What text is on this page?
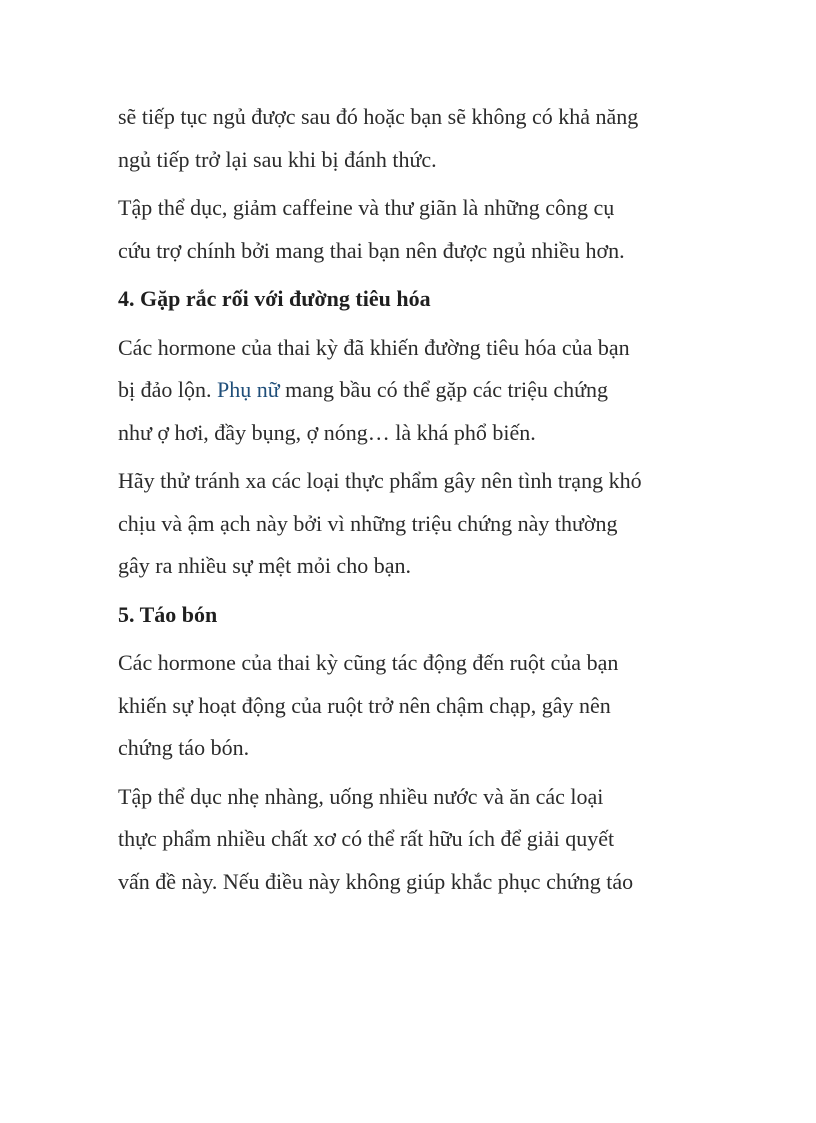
sẽ tiếp tục ngủ được sau đó hoặc bạn sẽ không có khả năng
ngủ tiếp trở lại sau khi bị đánh thức.
Tập thể dục, giảm caffeine và thư giãn là những công cụ
cứu trợ chính bởi mang thai bạn nên được ngủ nhiều hơn.
4. Gặp rắc rối với đường tiêu hóa
Các hormone của thai kỳ đã khiến đường tiêu hóa của bạn
bị đảo lộn. Phụ nữ mang bầu có thể gặp các triệu chứng
như ợ hơi, đầy bụng, ợ nóng… là khá phổ biến.
Hãy thử tránh xa các loại thực phẩm gây nên tình trạng khó
chịu và ậm ạch này bởi vì những triệu chứng này thường
gây ra nhiều sự mệt mỏi cho bạn.
5. Táo bón
Các hormone của thai kỳ cũng tác động đến ruột của bạn
khiến sự hoạt động của ruột trở nên chậm chạp, gây nên
chứng táo bón.
Tập thể dục nhẹ nhàng, uống nhiều nước và ăn các loại
thực phẩm nhiều chất xơ có thể rất hữu ích để giải quyết
vấn đề này. Nếu điều này không giúp khắc phục chứng táo
